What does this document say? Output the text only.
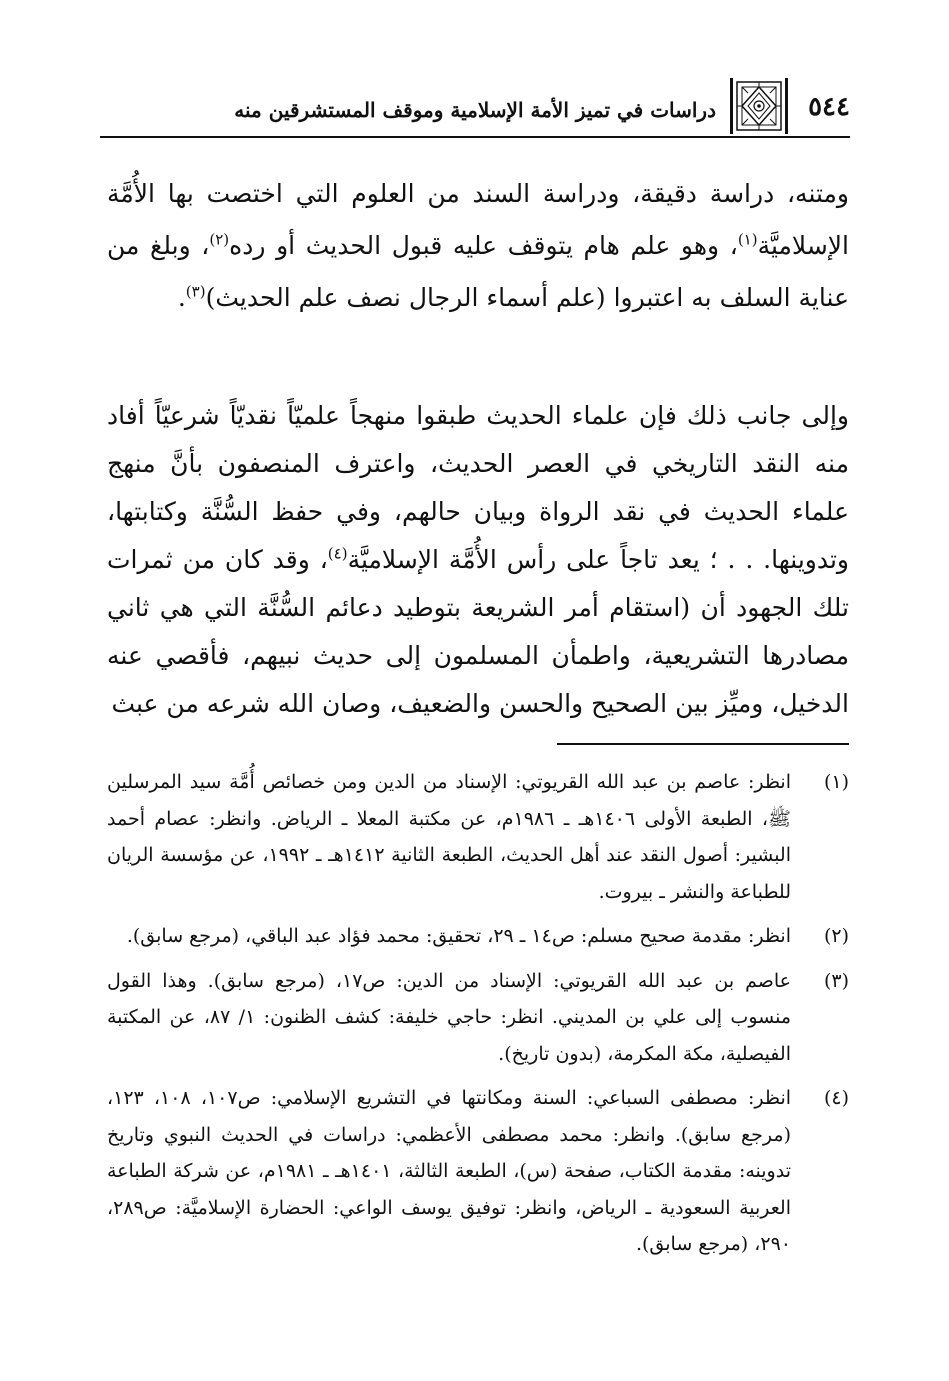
٥٤٤
دراسات في تميز الأمة الإسلامية وموقف المستشرقين منه

ومتنه، دراسة دقيقة، ودراسة السند من العلوم التي اختصت بها الأُمَّة الإسلاميَّة$^{(١)}$، وهو علم هام يتوقف عليه قبول الحديث أو رده$^{(٢)}$، وبلغ من عناية السلف به اعتبروا (علم أسماء الرجال نصف علم الحديث)$^{(٣)}$.

وإلى جانب ذلك فإن علماء الحديث طبقوا منهجاً علميّاً نقديّاً شرعيّاً أفاد منه النقد التاريخي في العصر الحديث، واعترف المنصفون بأنَّ منهج علماء الحديث في نقد الرواة وبيان حالهم، وفي حفظ السُّنَّة وكتابتها، وتدوينها. . . ؛ يعد تاجاً على رأس الأُمَّة الإسلاميَّة$^{(٤)}$، وقد كان من ثمرات تلك الجهود أن (استقام أمر الشريعة بتوطيد دعائم السُّنَّة التي هي ثاني مصادرها التشريعية، واطمأن المسلمون إلى حديث نبيهم، فأقصي عنه الدخيل، وميِّز بين الصحيح والحسن والضعيف، وصان الله شرعه من عبث

(١)
انظر: عاصم بن عبد الله القريوتي: الإسناد من الدين ومن خصائص أُمَّة سيد المرسلين ﷺ، الطبعة الأولى ١٤٠٦هـ ـ ١٩٨٦م، عن مكتبة المعلا ـ الرياض. وانظر: عصام أحمد البشير: أصول النقد عند أهل الحديث، الطبعة الثانية ١٤١٢هـ ـ ١٩٩٢، عن مؤسسة الريان للطباعة والنشر ـ بيروت.
(٢)
انظر: مقدمة صحيح مسلم: ص١٤ ـ ٢٩، تحقيق: محمد فؤاد عبد الباقي، (مرجع سابق).
(٣)
عاصم بن عبد الله القريوتي: الإسناد من الدين: ص١٧، (مرجع سابق). وهذا القول منسوب إلى علي بن المديني. انظر: حاجي خليفة: كشف الظنون: ١/ ٨٧، عن المكتبة الفيصلية، مكة المكرمة، (بدون تاريخ).
(٤)
انظر: مصطفى السباعي: السنة ومكانتها في التشريع الإسلامي: ص١٠٧، ١٠٨، ١٢٣، (مرجع سابق). وانظر: محمد مصطفى الأعظمي: دراسات في الحديث النبوي وتاريخ تدوينه: مقدمة الكتاب، صفحة (س)، الطبعة الثالثة، ١٤٠١هـ ـ ١٩٨١م، عن شركة الطباعة العربية السعودية ـ الرياض، وانظر: توفيق يوسف الواعي: الحضارة الإسلاميَّة: ص٢٨٩، ٢٩٠، (مرجع سابق).
